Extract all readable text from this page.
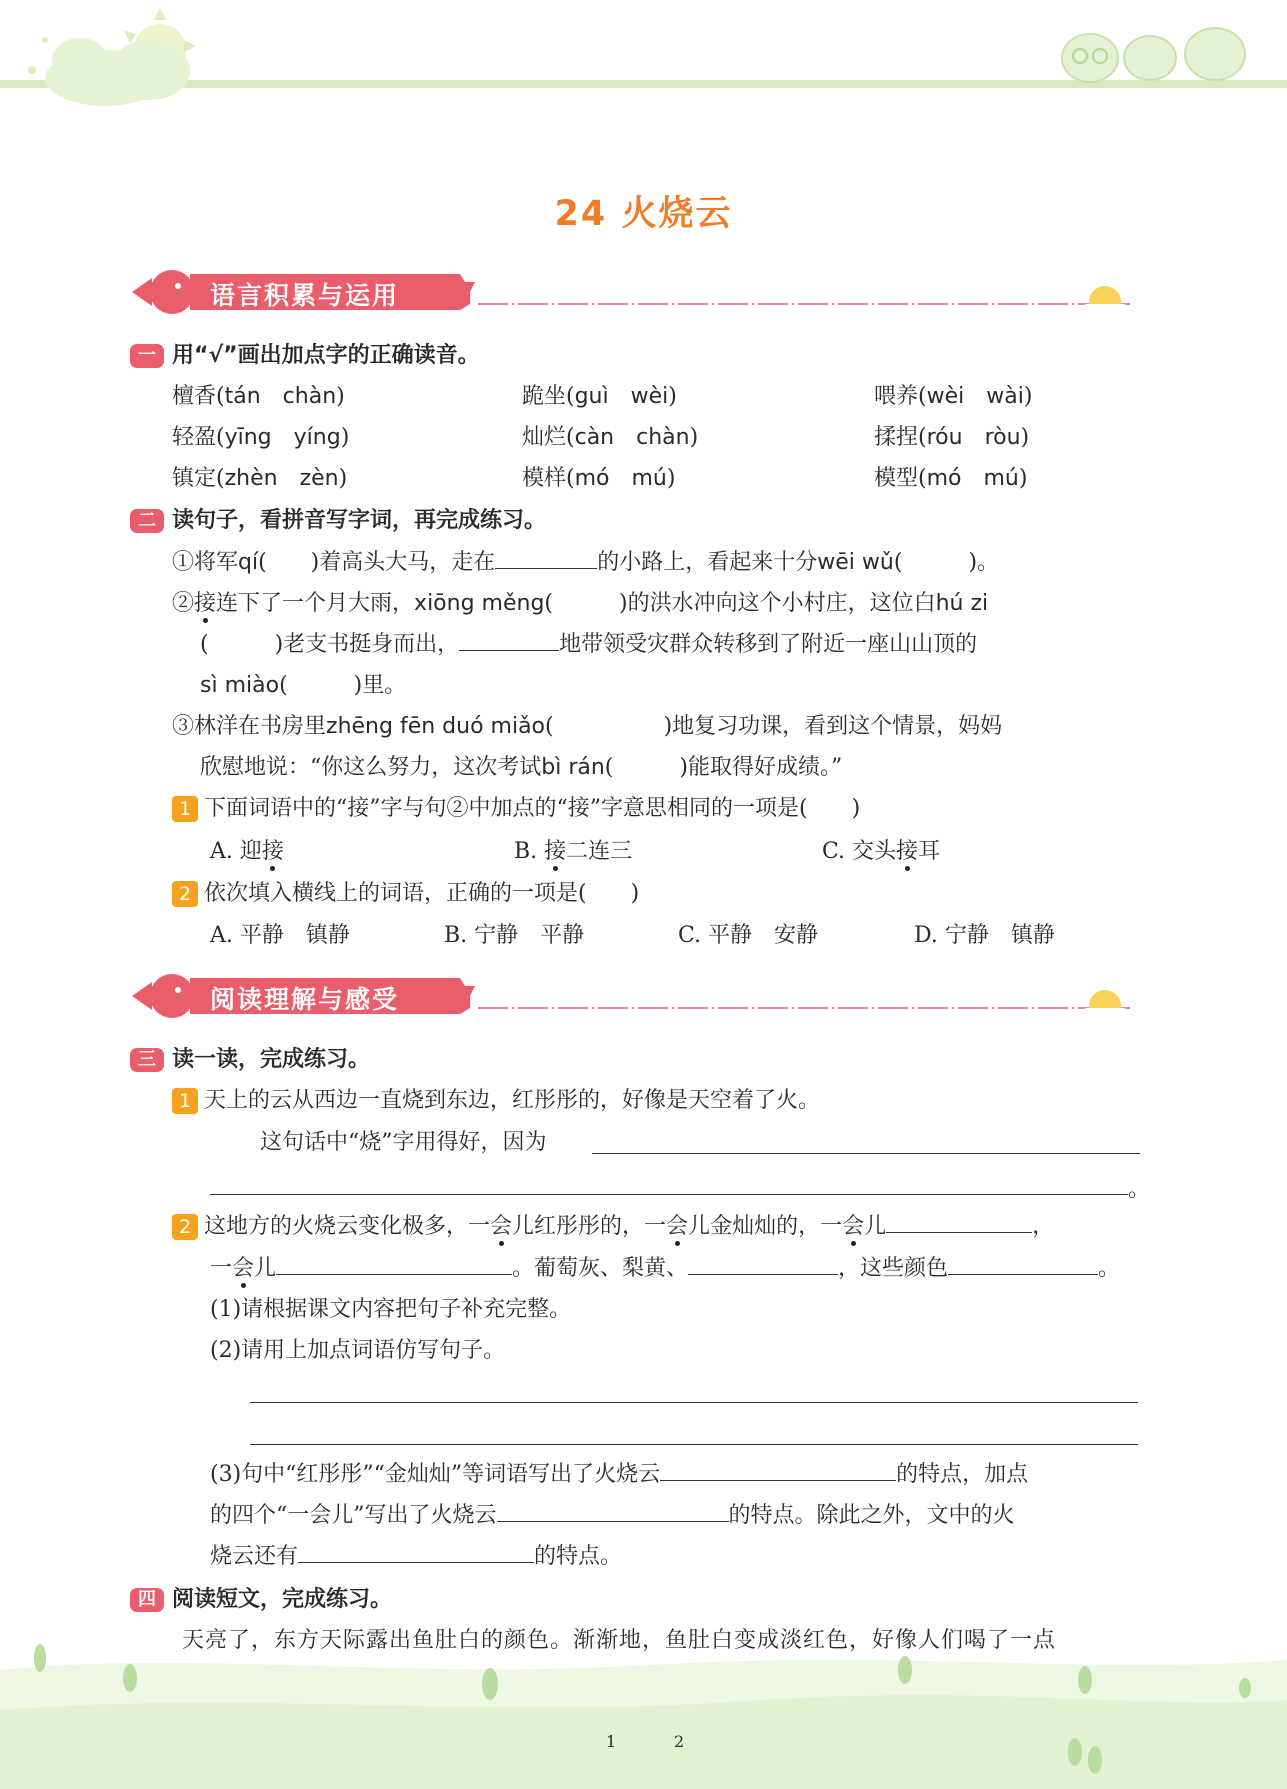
24 火烧云
语言积累与运用
一 用“√”画出加点字的正确读音。
檀香(tán　 chàn)	跪坐(guì　 wèi)	喂养(wèi　 wài)
轻盈(yīng　 yíng)	灿烂(càn　 chàn)	揉捏(róu　 ròu)
镇定(zhèn　 zèn)	模样(mó　 mú)	模型(mó　 mú)
二 读句子，看拼音写字词，再完成练习。
①将军qí(　　)着高头大马，走在	的小路上，看起来十分wēi wǔ(　　　)。
②接连下了一个月大雨，xiōng měng(　　　)的洪水冲向这个小村庄，这位白hú zi
(　　　)老支书挺身而出，	地带领受灾群众转移到了附近一座山山顶的
sì miào(　　　)里。
③林洋在书房里zhēng fēn duó miǎo(　　　　　)地复习功课，看到这个情景，妈妈
欣慰地说：“你这么努力，这次考试bì rán(　　　)能取得好成绩。”
1 下面词语中的“接”字与句②中加点的“接”字意思相同的一项是(　　)
A. 迎接	B. 接二连三	C. 交头接耳
2 依次填入横线上的词语，正确的一项是(　　)
A. 平静　镇静	B. 宁静　平静	C. 平静　安静	D. 宁静　镇静
阅读理解与感受
三 读一读，完成练习。
1 天上的云从西边一直烧到东边，红彤彤的，好像是天空着了火。
这句话中“烧”字用得好，因为
。
2 这地方的火烧云变化极多，一会儿红彤彤的，一会儿金灿灿的，一会儿	，
一会儿	。葡萄灰、梨黄、	，这些颜色	。
(1)请根据课文内容把句子补充完整。
(2)请用上加点词语仿写句子。
(3)句中“红彤彤”“金灿灿”等词语写出了火烧云	的特点，加点
的四个“一会儿”写出了火烧云	的特点。除此之外，文中的火
烧云还有	的特点。
四 阅读短文，完成练习。
天亮了，东方天际露出鱼肚白的颜色。渐渐地，鱼肚白变成淡红色，好像人们喝了一点
1	2
